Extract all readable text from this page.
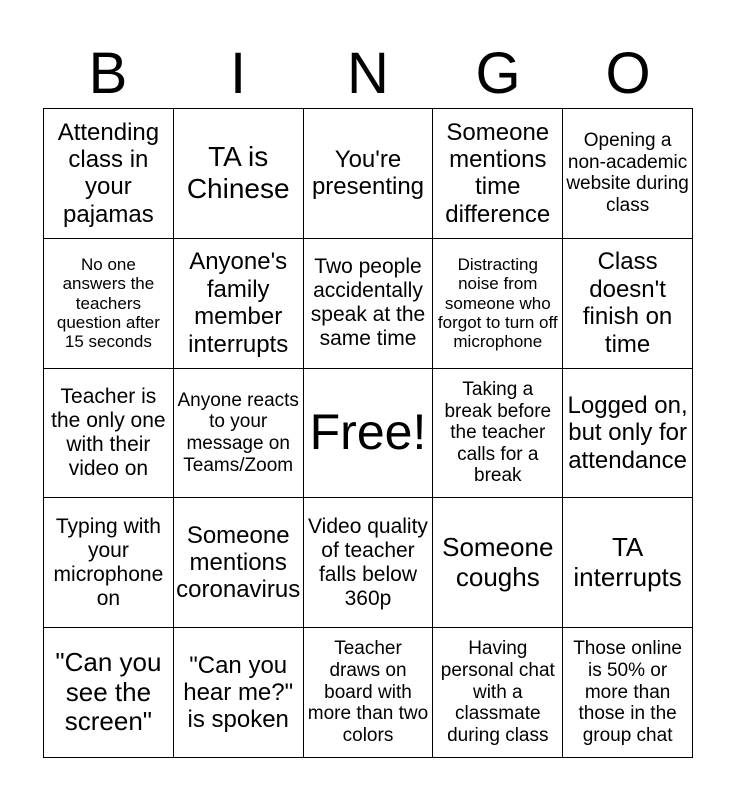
B	I	N	G	O
Attending class in your pajamas
TA is Chinese
You're presenting
Someone mentions time difference
Opening a non-academic website during class
No one answers the teachers question after 15 seconds
Anyone's family member interrupts
Two people accidentally speak at the same time
Distracting noise from someone who forgot to turn off microphone
Class doesn't finish on time
Teacher is the only one with their video on
Anyone reacts to your message on Teams/Zoom
Free!
Taking a break before the teacher calls for a break
Logged on, but only for attendance
Typing with your microphone on
Someone mentions coronavirus
Video quality of teacher falls below 360p
Someone coughs
TA interrupts
"Can you see the screen"
"Can you hear me?" is spoken
Teacher draws on board with more than two colors
Having personal chat with a classmate during class
Those online is 50% or more than those in the group chat
